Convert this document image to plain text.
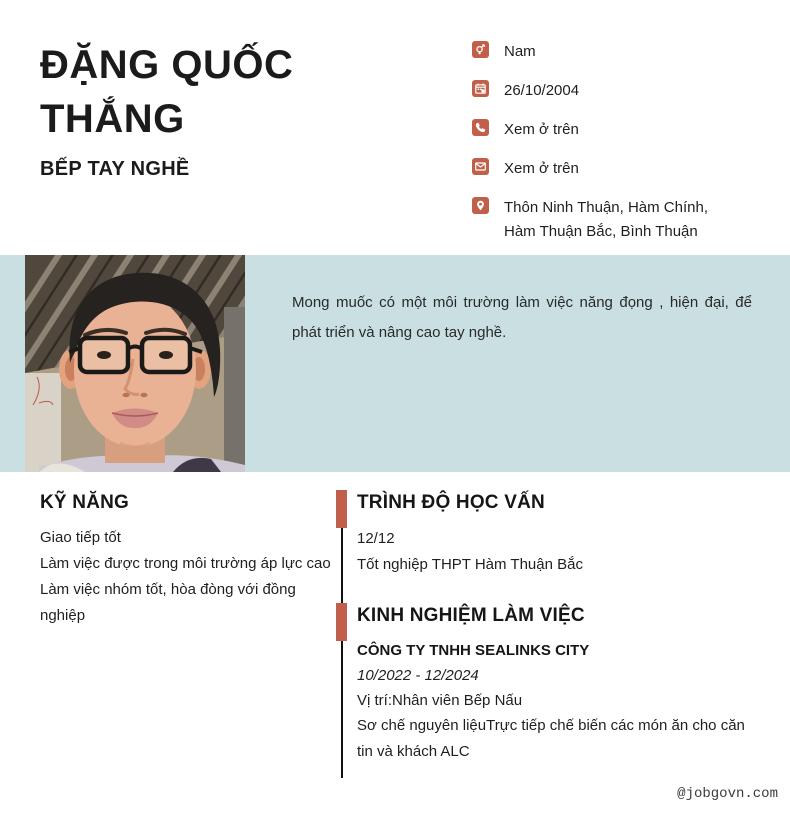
ĐẶNG QUỐC THẮNG
BẾP TAY NGHỀ
Nam
26/10/2004
Xem ở trên
Xem ở trên
Thôn Ninh Thuận, Hàm Chính, Hàm Thuận Bắc, Bình Thuận
Mong muốc có một môi trường làm việc năng đọng , hiện đại, để phát triển và nâng cao tay nghề.
KỸ NĂNG
Giao tiếp tốt
Làm việc được trong môi trường áp lực cao
Làm việc nhóm tốt, hòa đòng với đồng nghiệp
TRÌNH ĐỘ HỌC VẤN
12/12
Tốt nghiệp THPT Hàm Thuận Bắc
KINH NGHIỆM LÀM VIỆC
CÔNG TY TNHH SEALINKS CITY
10/2022 - 12/2024
Vị trí:Nhân viên Bếp Nấu
Sơ chế nguyên liệuTrực tiếp chế biến các món ăn cho căn tin và khách ALC
@jobgovn.com
